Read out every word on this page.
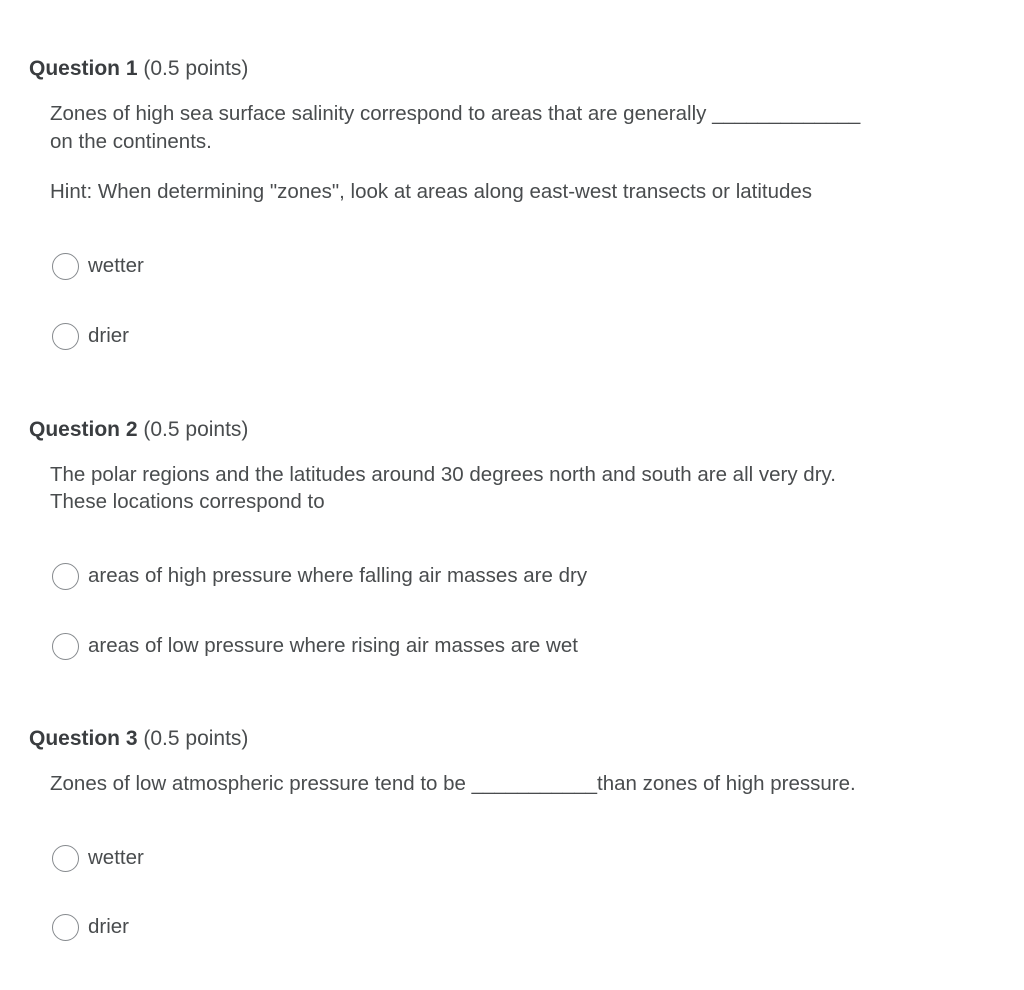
Question 1 (0.5 points)

Zones of high sea surface salinity correspond to areas that are generally _____________

on the continents.

Hint: When determining "zones", look at areas along east-west transects or latitudes

wetter
drier
Question 2 (0.5 points)

The polar regions and the latitudes around 30 degrees north and south are all very dry.

These locations correspond to

areas of high pressure where falling air masses are dry
areas of low pressure where rising air masses are wet
Question 3 (0.5 points)

Zones of low atmospheric pressure tend to be ___________than zones of high pressure.

wetter
drier
